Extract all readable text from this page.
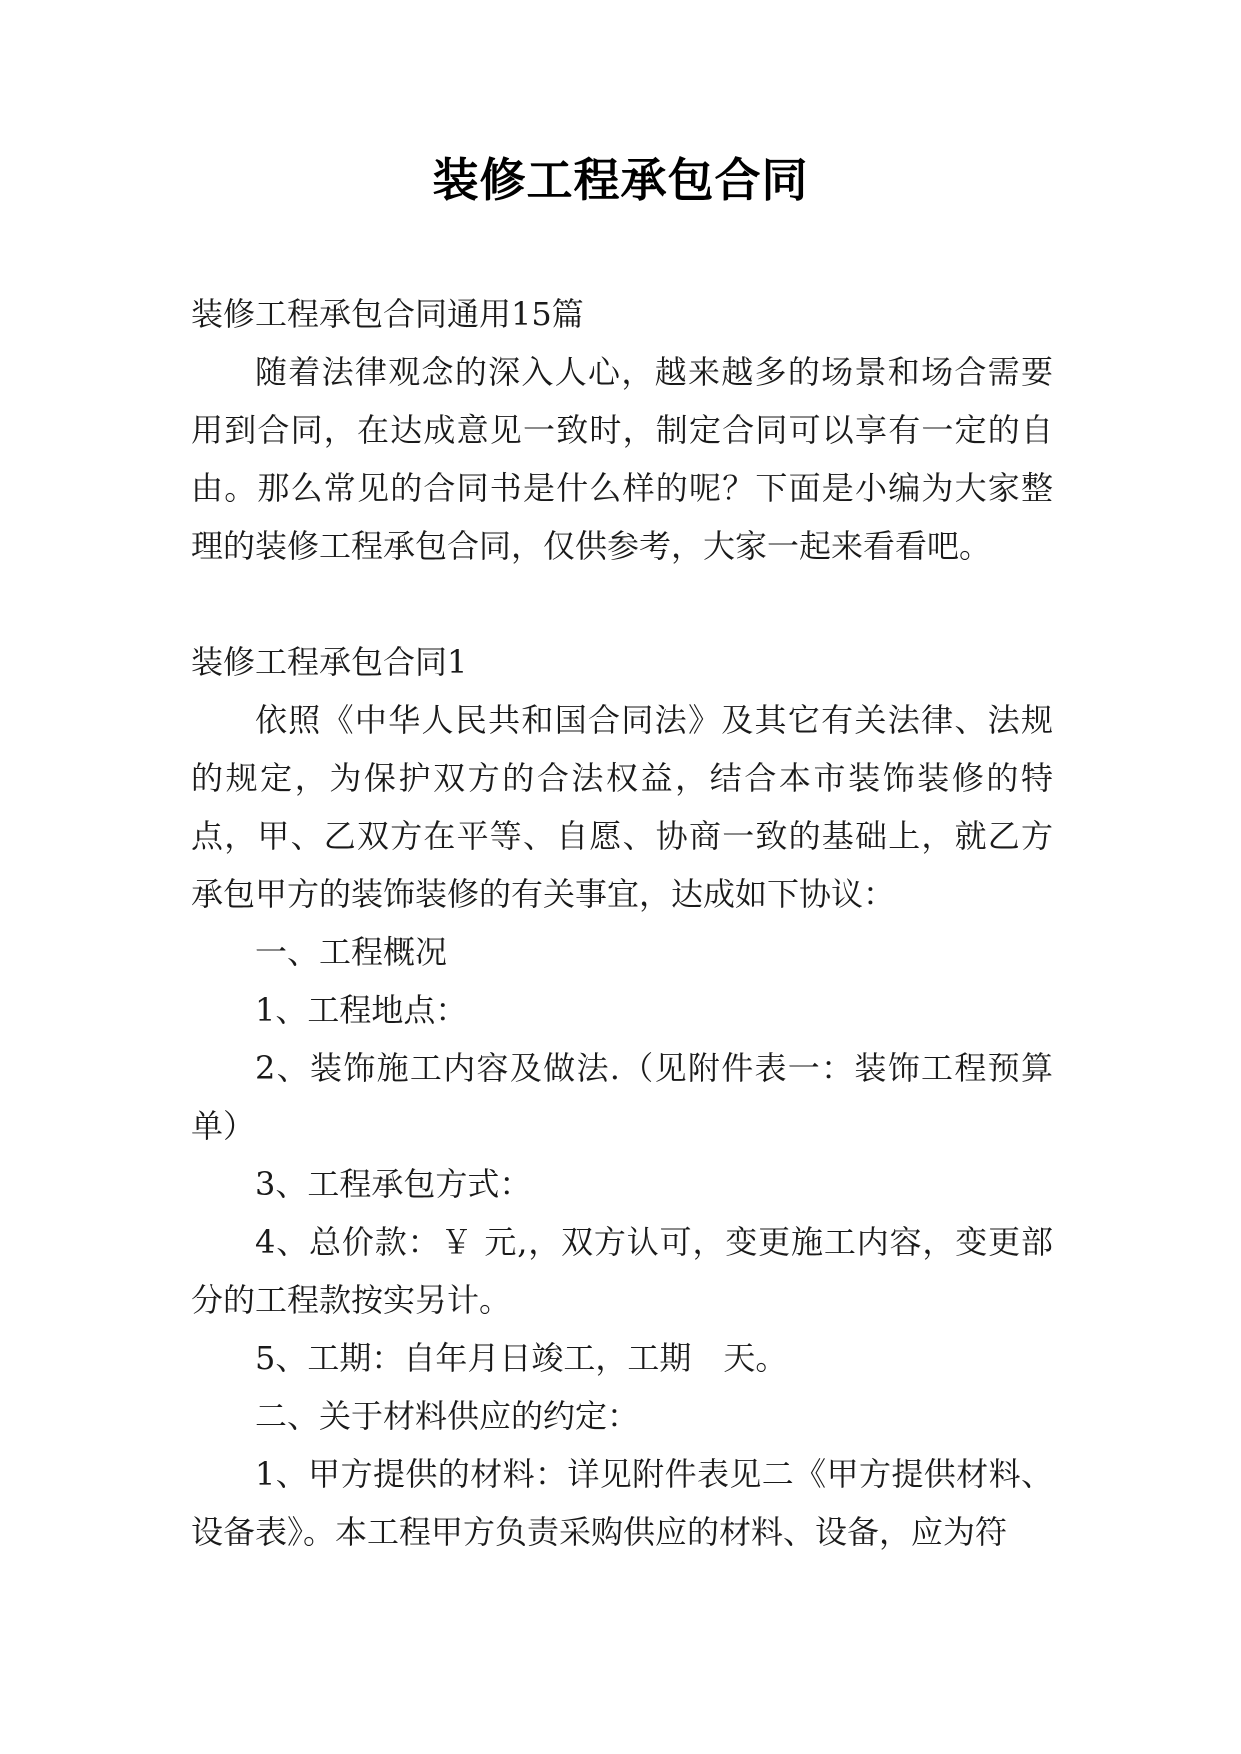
装修工程承包合同

装修工程承包合同通用15篇

随着法律观念的深入人心，越来越多的场景和场合需要用到合同，在达成意见一致时，制定合同可以享有一定的自由。那么常见的合同书是什么样的呢？下面是小编为大家整理的装修工程承包合同，仅供参考，大家一起来看看吧。

装修工程承包合同1

依照《中华人民共和国合同法》及其它有关法律、法规的规定，为保护双方的合法权益，结合本市装饰装修的特点，甲、乙双方在平等、自愿、协商一致的基础上，就乙方承包甲方的装饰装修的有关事宜，达成如下协议：

一、工程概况

1、工程地点：

2、装饰施工内容及做法.（见附件表一：装饰工程预算单）

3、工程承包方式：

4、总价款：￥ 元,，双方认可，变更施工内容，变更部分的工程款按实另计。

5、工期：自年月日竣工，工期　天。

二、关于材料供应的约定：

1、甲方提供的材料：详见附件表见二《甲方提供材料、设备表》。本工程甲方负责采购供应的材料、设备，应为符
